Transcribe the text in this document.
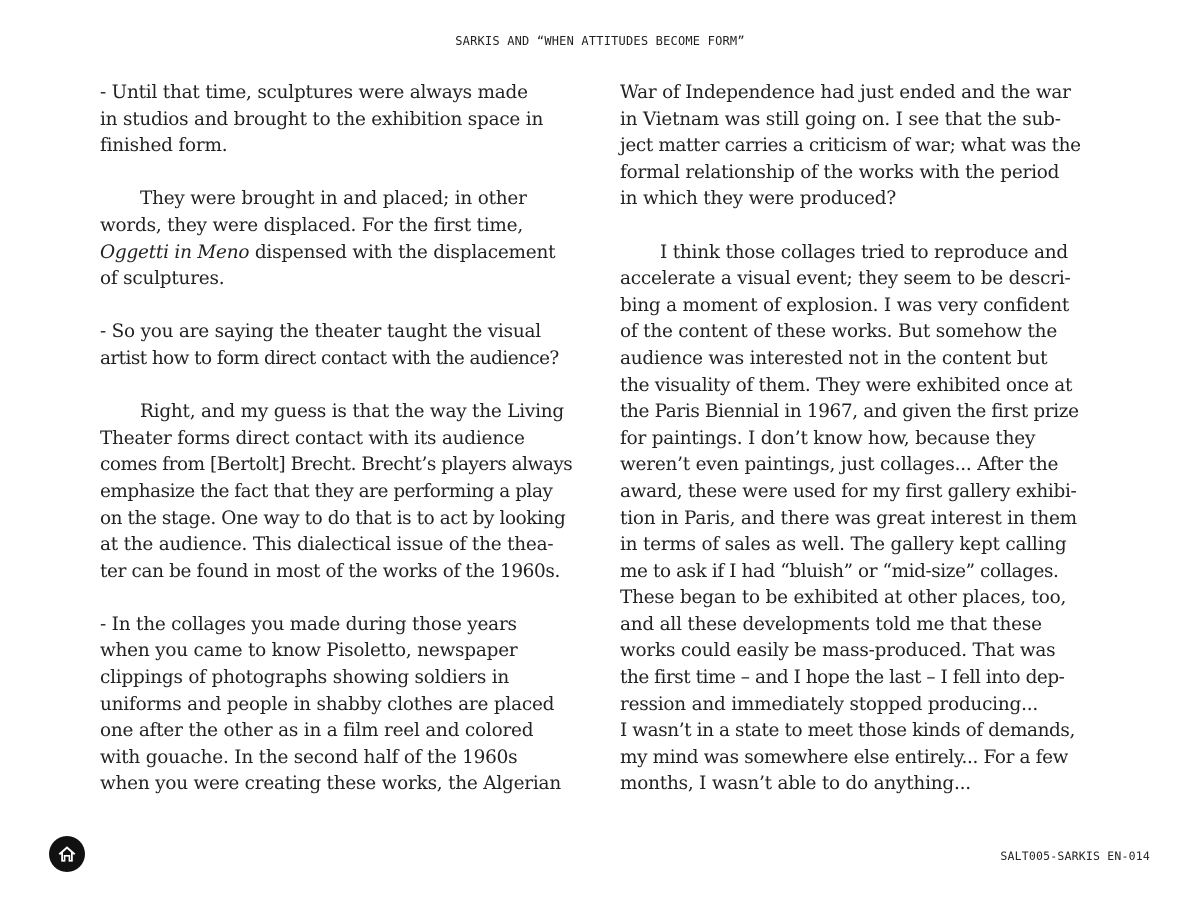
SARKIS AND “WHEN ATTITUDES BECOME FORM”
- Until that time, sculptures were always made
in studios and brought to the exhibition space in
finished form.
They were brought in and placed; in other
words, they were displaced. For the first time,
Oggetti in Meno dispensed with the displacement
of sculptures.
- So you are saying the theater taught the visual
artist how to form direct contact with the audience?
Right, and my guess is that the way the Living
Theater forms direct contact with its audience
comes from [Bertolt] Brecht. Brecht’s players always
emphasize the fact that they are performing a play
on the stage. One way to do that is to act by looking
at the audience. This dialectical issue of the thea-
ter can be found in most of the works of the 1960s.
- In the collages you made during those years
when you came to know Pisoletto, newspaper
clippings of photographs showing soldiers in
uniforms and people in shabby clothes are placed
one after the other as in a film reel and colored
with gouache. In the second half of the 1960s
when you were creating these works, the Algerian
War of Independence had just ended and the war
in Vietnam was still going on. I see that the sub-
ject matter carries a criticism of war; what was the
formal relationship of the works with the period
in which they were produced?
I think those collages tried to reproduce and
accelerate a visual event; they seem to be descri-
bing a moment of explosion. I was very confident
of the content of these works. But somehow the
audience was interested not in the content but
the visuality of them. They were exhibited once at
the Paris Biennial in 1967, and given the first prize
for paintings. I don’t know how, because they
weren’t even paintings, just collages... After the
award, these were used for my first gallery exhibi-
tion in Paris, and there was great interest in them
in terms of sales as well. The gallery kept calling
me to ask if I had “bluish” or “mid-size” collages.
These began to be exhibited at other places, too,
and all these developments told me that these
works could easily be mass-produced. That was
the first time – and I hope the last – I fell into dep-
ression and immediately stopped producing...
I wasn’t in a state to meet those kinds of demands,
my mind was somewhere else entirely... For a few
months, I wasn’t able to do anything...
SALT005-SARKIS EN-014
